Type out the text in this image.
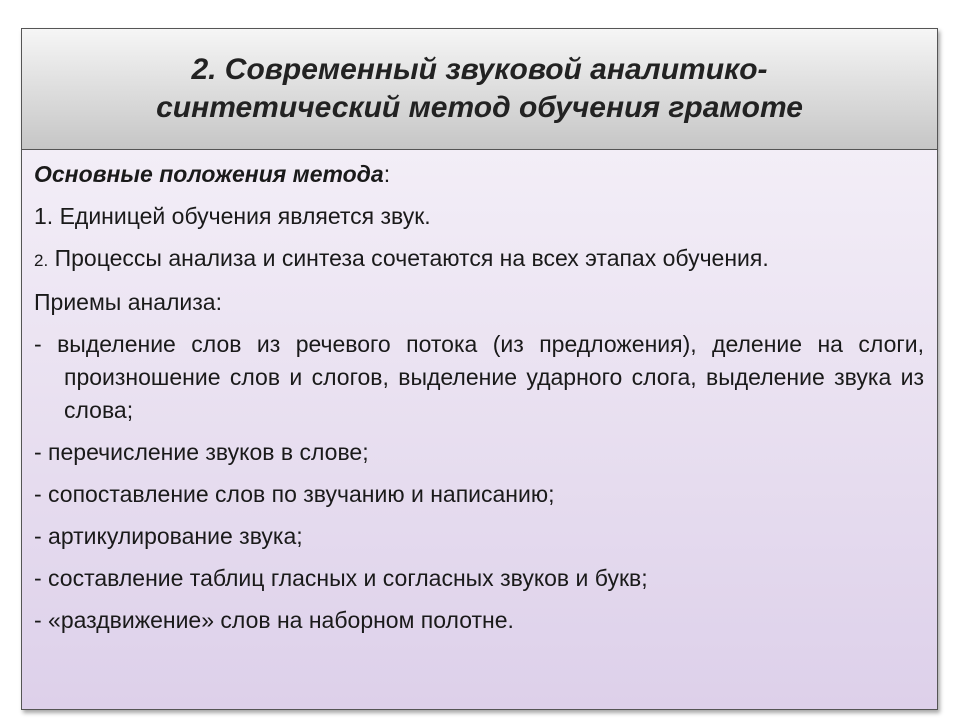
2. Современный звуковой аналитико-
синтетический метод обучения грамоте

Основные положения метода:

1. Единицей обучения является звук.

2. Процессы анализа и синтеза сочетаются на всех этапах обучения.

Приемы анализа:

- выделение слов из речевого потока (из предложения), деление на слоги, произношение слов и слогов, выделение ударного слога, выделение звука из слова;

- перечисление звуков в слове;

- сопоставление слов по звучанию и написанию;

- артикулирование звука;

- составление таблиц гласных и согласных звуков и букв;

- «раздвижение» слов на наборном полотне.
